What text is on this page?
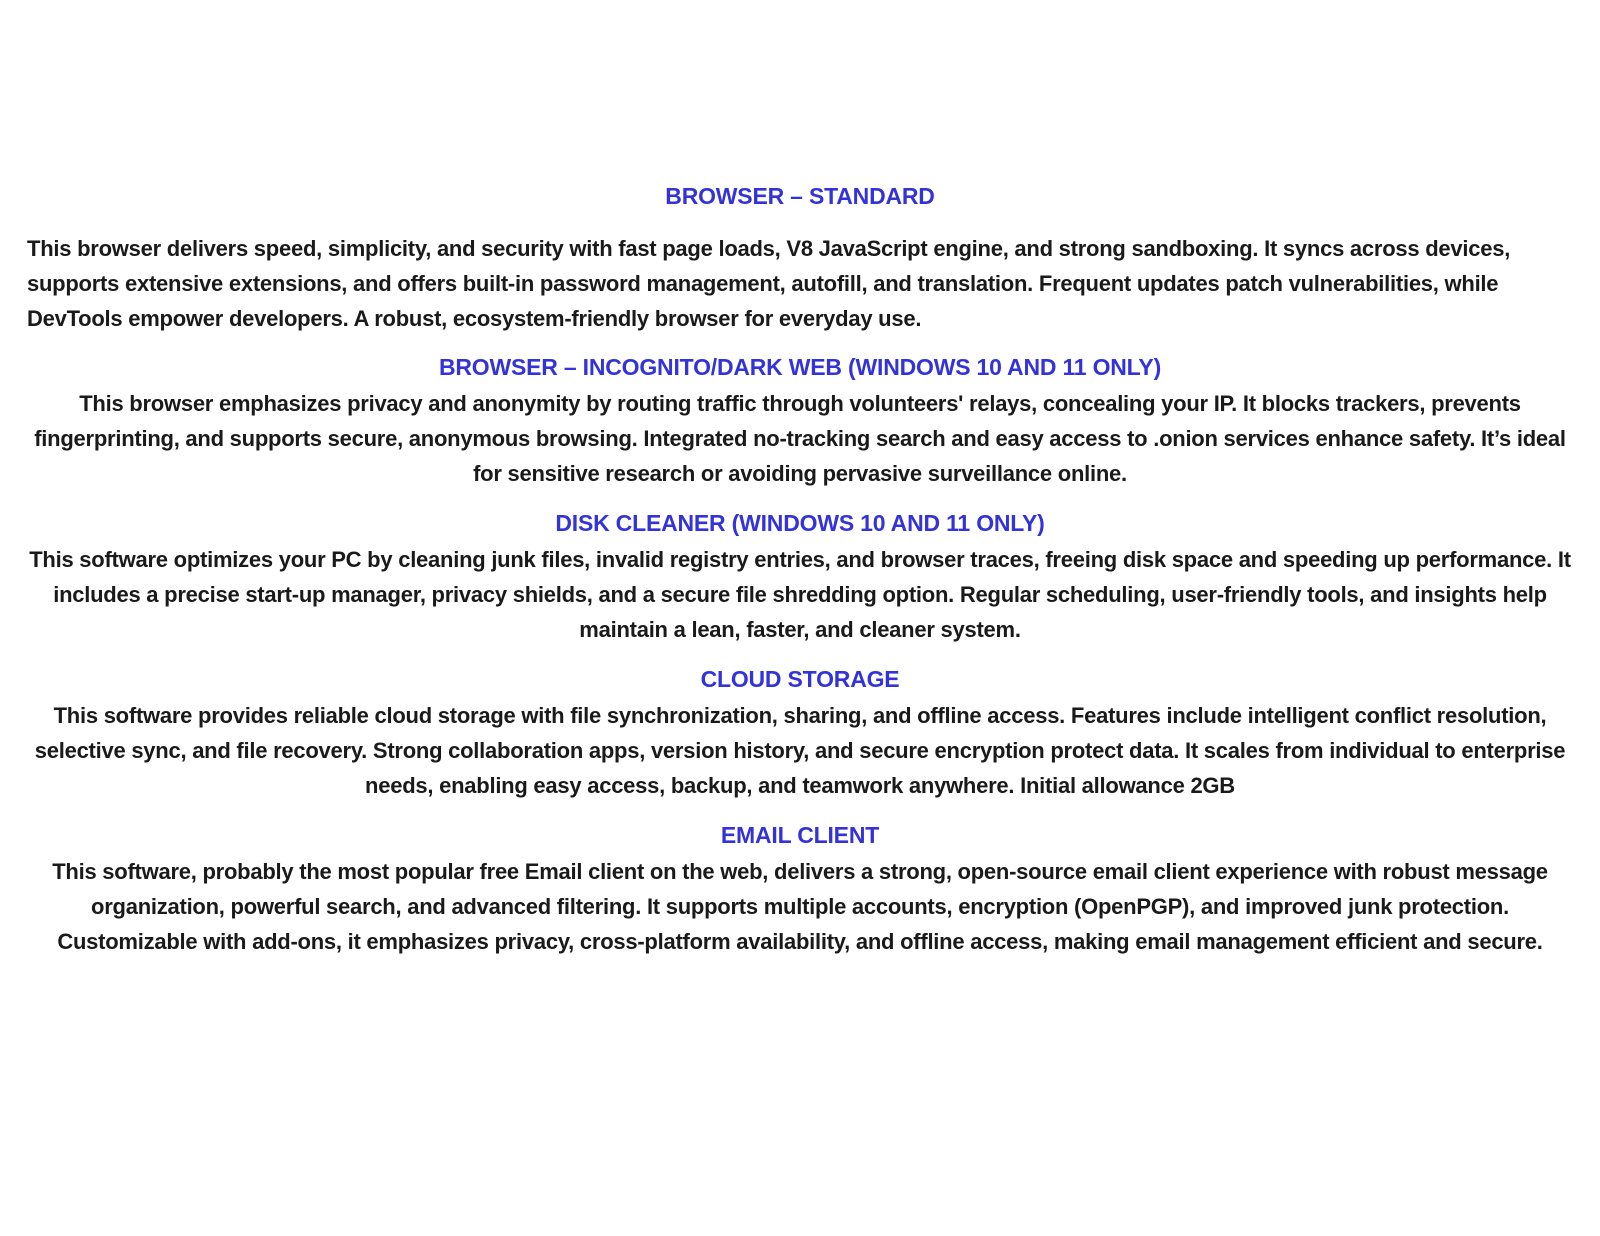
BROWSER – STANDARD

This browser delivers speed, simplicity, and security with fast page loads, V8 JavaScript engine, and strong sandboxing. It syncs across devices, supports extensive extensions, and offers built-in password management, autofill, and translation. Frequent updates patch vulnerabilities, while DevTools empower developers. A robust, ecosystem-friendly browser for everyday use.

BROWSER – INCOGNITO/DARK WEB (WINDOWS 10 AND 11 ONLY)

This browser emphasizes privacy and anonymity by routing traffic through volunteers' relays, concealing your IP. It blocks trackers, prevents fingerprinting, and supports secure, anonymous browsing. Integrated no-tracking search and easy access to .onion services enhance safety. It’s ideal for sensitive research or avoiding pervasive surveillance online.

DISK CLEANER (WINDOWS 10 AND 11 ONLY)

This software optimizes your PC by cleaning junk files, invalid registry entries, and browser traces, freeing disk space and speeding up performance. It includes a precise start-up manager, privacy shields, and a secure file shredding option. Regular scheduling, user-friendly tools, and insights help maintain a lean, faster, and cleaner system.

CLOUD STORAGE

This software provides reliable cloud storage with file synchronization, sharing, and offline access. Features include intelligent conflict resolution, selective sync, and file recovery. Strong collaboration apps, version history, and secure encryption protect data. It scales from individual to enterprise needs, enabling easy access, backup, and teamwork anywhere. Initial allowance 2GB

EMAIL CLIENT

This software, probably the most popular free Email client on the web, delivers a strong, open-source email client experience with robust message organization, powerful search, and advanced filtering. It supports multiple accounts, encryption (OpenPGP), and improved junk protection. Customizable with add-ons, it emphasizes privacy, cross-platform availability, and offline access, making email management efficient and secure.
